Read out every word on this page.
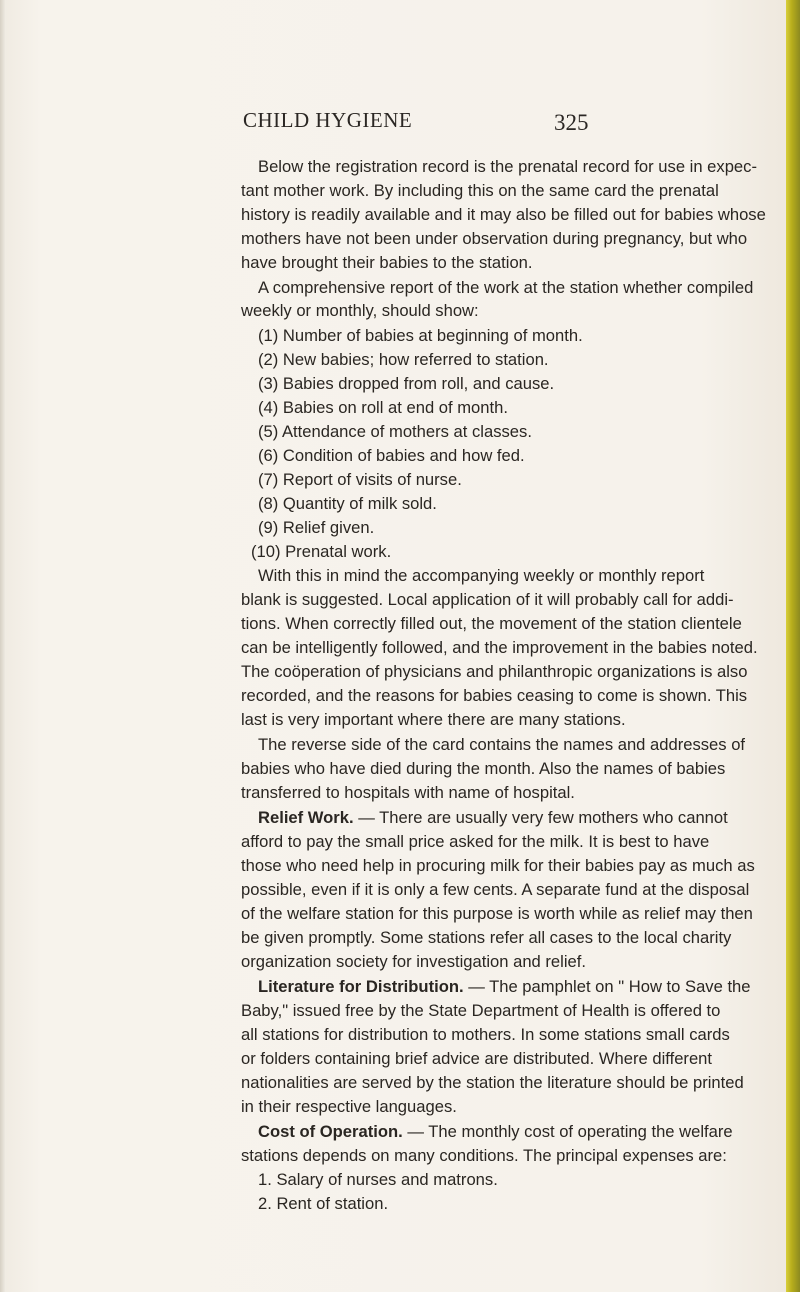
CHILD HYGIENE	325
Below the registration record is the prenatal record for use in expec-
tant mother work. By including this on the same card the prenatal
history is readily available and it may also be filled out for babies whose
mothers have not been under observation during pregnancy, but who
have brought their babies to the station.
A comprehensive report of the work at the station whether compiled
weekly or monthly, should show:
(1) Number of babies at beginning of month.
(2) New babies; how referred to station.
(3) Babies dropped from roll, and cause.
(4) Babies on roll at end of month.
(5) Attendance of mothers at classes.
(6) Condition of babies and how fed.
(7) Report of visits of nurse.
(8) Quantity of milk sold.
(9) Relief given.
(10) Prenatal work.
With this in mind the accompanying weekly or monthly report
blank is suggested. Local application of it will probably call for addi-
tions. When correctly filled out, the movement of the station clientele
can be intelligently followed, and the improvement in the babies noted.
The coöperation of physicians and philanthropic organizations is also
recorded, and the reasons for babies ceasing to come is shown. This
last is very important where there are many stations.
The reverse side of the card contains the names and addresses of
babies who have died during the month. Also the names of babies
transferred to hospitals with name of hospital.
Relief Work. — There are usually very few mothers who cannot
afford to pay the small price asked for the milk. It is best to have
those who need help in procuring milk for their babies pay as much as
possible, even if it is only a few cents. A separate fund at the disposal
of the welfare station for this purpose is worth while as relief may then
be given promptly. Some stations refer all cases to the local charity
organization society for investigation and relief.
Literature for Distribution. — The pamphlet on " How to Save the
Baby," issued free by the State Department of Health is offered to
all stations for distribution to mothers. In some stations small cards
or folders containing brief advice are distributed. Where different
nationalities are served by the station the literature should be printed
in their respective languages.
Cost of Operation. — The monthly cost of operating the welfare
stations depends on many conditions. The principal expenses are:
1. Salary of nurses and matrons.
2. Rent of station.
